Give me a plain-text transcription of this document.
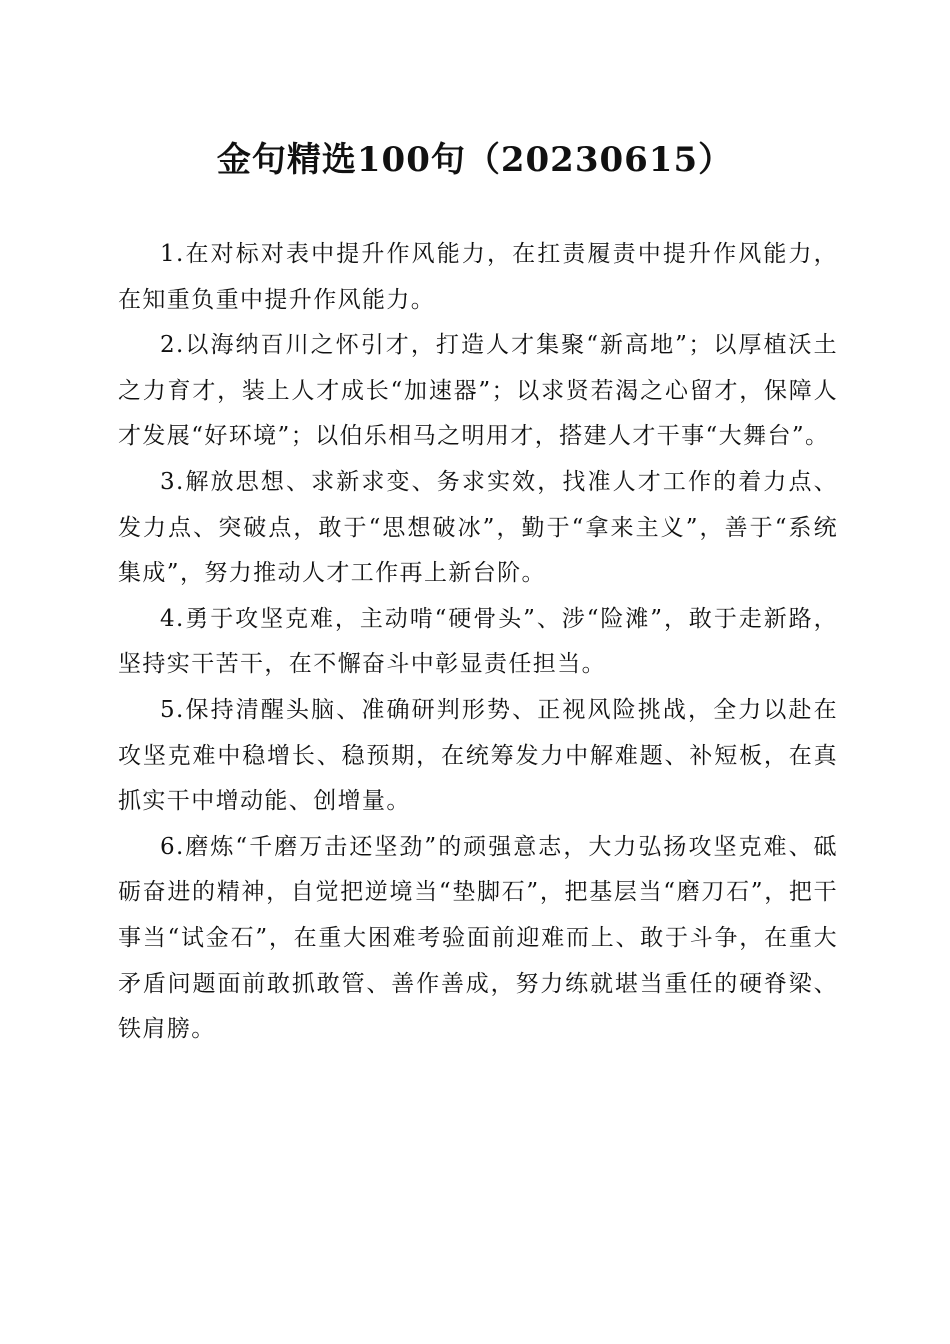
金句精选100句（20230615）

1.在对标对表中提升作风能力，在扛责履责中提升作风能力，在知重负重中提升作风能力。

2.以海纳百川之怀引才，打造人才集聚“新高地”；以厚植沃土之力育才，装上人才成长“加速器”；以求贤若渴之心留才，保障人才发展“好环境”；以伯乐相马之明用才，搭建人才干事“大舞台”。

3.解放思想、求新求变、务求实效，找准人才工作的着力点、发力点、突破点，敢于“思想破冰”，勤于“拿来主义”，善于“系统集成”，努力推动人才工作再上新台阶。

4.勇于攻坚克难，主动啃“硬骨头”、涉“险滩”，敢于走新路，坚持实干苦干，在不懈奋斗中彰显责任担当。

5.保持清醒头脑、准确研判形势、正视风险挑战，全力以赴在攻坚克难中稳增长、稳预期，在统筹发力中解难题、补短板，在真抓实干中增动能、创增量。

6.磨炼“千磨万击还坚劲”的顽强意志，大力弘扬攻坚克难、砥砺奋进的精神，自觉把逆境当“垫脚石”，把基层当“磨刀石”，把干事当“试金石”，在重大困难考验面前迎难而上、敢于斗争，在重大矛盾问题面前敢抓敢管、善作善成，努力练就堪当重任的硬脊梁、铁肩膀。
